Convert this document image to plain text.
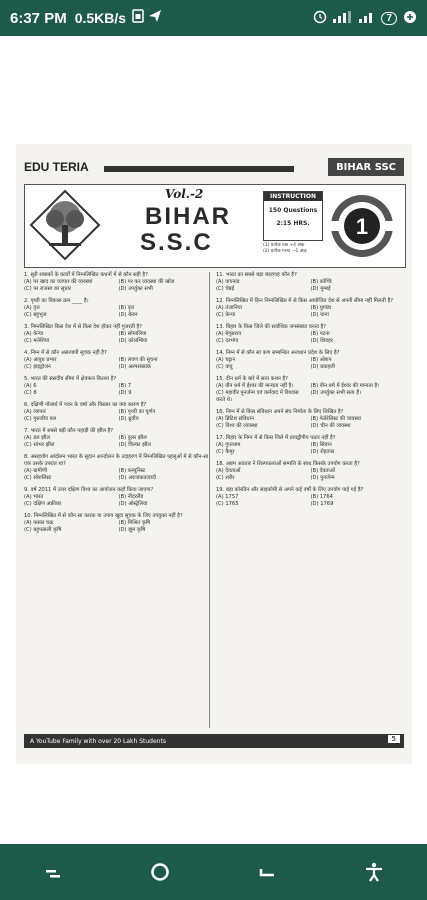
6:37 PM 0.5KB/s	7
EDU TERIA	BIHAR SSC
Vol.-2
BIHAR
S.S.C
INSTRUCTION
150 Questions
2:15 HRS.
(1) प्रत्येक प्रश्न +4 अंक
(2) प्रत्येक गलत −1 अंक
1
1. सूरी शासकों के कार्यों में निम्नलिखित कथनों में से कौन सही है?
(A) पर खाद का व्यापार की व्यवस्था	(B) पर कर व्यवस्था की खोज
(C) पर राजस्व का सुधार	(D) उपर्युक्त सभी
2. पृथ्वी का विकास क्रम ____ है।
(A) वृत्त	(B) वृत्त
(C) बहुभुज	(D) बेलन
3. निम्नलिखित किस देश में से किस देश होकर नहीं गुजरती है?
(A) केन्या	(B) सोमालिया
(C) मलेशिया	(D) कोलम्बिया
4. निम्न में से कौन असत्यापी सूचक नहीं है?
(A) आयुध प्रभार	(B) लवण की सूचना
(C) हाइड्रोजन	(D) अल्पसंख्यक
5. भारत की संसदीय सीमा में क्षेत्रफल कितना है?
(A) 6	(B) 7
(C) 8	(D) 9
6. दक्षिणी गोलार्ध में पवन के वर्षा और विस्तार का क्या कारण है?
(A) व्यापार	(B) पृथ्वी का घूर्णन
(C) गुरुत्वीय बल	(D) ध्रुवीय
7. भारत में सबसे बड़ी कौन पहाड़ी की झील है?
(A) डल झील	(B) वुलर झील
(C) सांभर झील	(D) चिल्का झील
8. असहयोग आंदोलन भारत के सूदान आन्दोलन के उदाहरण में निम्नलिखित पहलुओं में से कौन-सा एक उसके उपरांत था?
(A) ग्रामीणी	(B) कम्युनिस्ट
(C) सोशलिस्ट	(D) अराजकतावादी
9. वर्ष 2011 में उत्तर दक्षिण विश्व का आयोजन कहाँ किया जाएगा?
(A) भारत	(B) नीदरलैंड
(C) दक्षिण अफ्रीका	(D) ऑस्ट्रेलिया
10. निम्नलिखित में से कौन सा कारक या उपाय खुदा सूचक के लिए उपयुक्त नहीं है?
(A) फसल चक्र	(B) मिश्रित कृषि
(C) बहुफसली कृषि	(D) झूम कृषि
11. भारत का सबसे बड़ा बंदरगाह कौन है?
(A) वायनाड	(B) कोच्चि
(C) चेन्नई	(D) मुम्बई
12. निम्नलिखित में किन निम्नलिखित में से किस आयोजित देश से अपनी सीमा नहीं मिलती है?
(A) तंजानिया	(B) युगांडा
(C) केन्या	(D) घाना
13. बिहार के किस जिले की सर्वाधिक जनसंख्या घनत्व है?
(A) बेगूसराय	(B) पटना
(C) दरभंगा	(D) शिवहर
14. निम्न में से कौन सा कण सम्बन्धित अनाधान प्रदेश के लिए है?
(A) चट्टान	(B) ओशन
(C) वायु	(D) प्रवाहली
15. दीन धर्म के बारे में सत्य कथन है?
(A) वीन धर्म में ईश्वर की मान्यता नहीं है।	(B) वीन धर्म में ईश्वर की मान्यता है।
(C) महावीर पुनर्जन्म एवं कर्मवाद में विश्वास करते थे।
(D) उपर्युक्त सभी सत्य हैं।
16. निम्न में से किस संविधान अपने संघ निर्माता के लिए लिखित है?
(A) ब्रिटिश संविधान	(B) फेडेरेलिस्ट की व्यवस्था
(C) विश्व की व्यवस्था	(D) चीन की व्यवस्था
17. बिहार के निम्न में से किस जिले में प्रायद्वीपीय पठार नहीं है?
(A) गुप्तधाम	(B) सिवान
(C) कैमूर	(D) रोहतास
18. अष्टम अवतार ने शिल्पकलाओं सम्पत्ति के साथ किसके उपयोग करता है?
(A) देवताओं	(B) देवताओं
(C) शरीर	(D) पुनर्जन्म
19. बड़ा कोरतिन और साइकोमी से अपने कई वर्षों के लिए उपयोग पाई गई है?
(A) 1757	(B) 1764
(C) 1765	(D) 1769
A YouTube Family with over 20 Lakh Students	5
